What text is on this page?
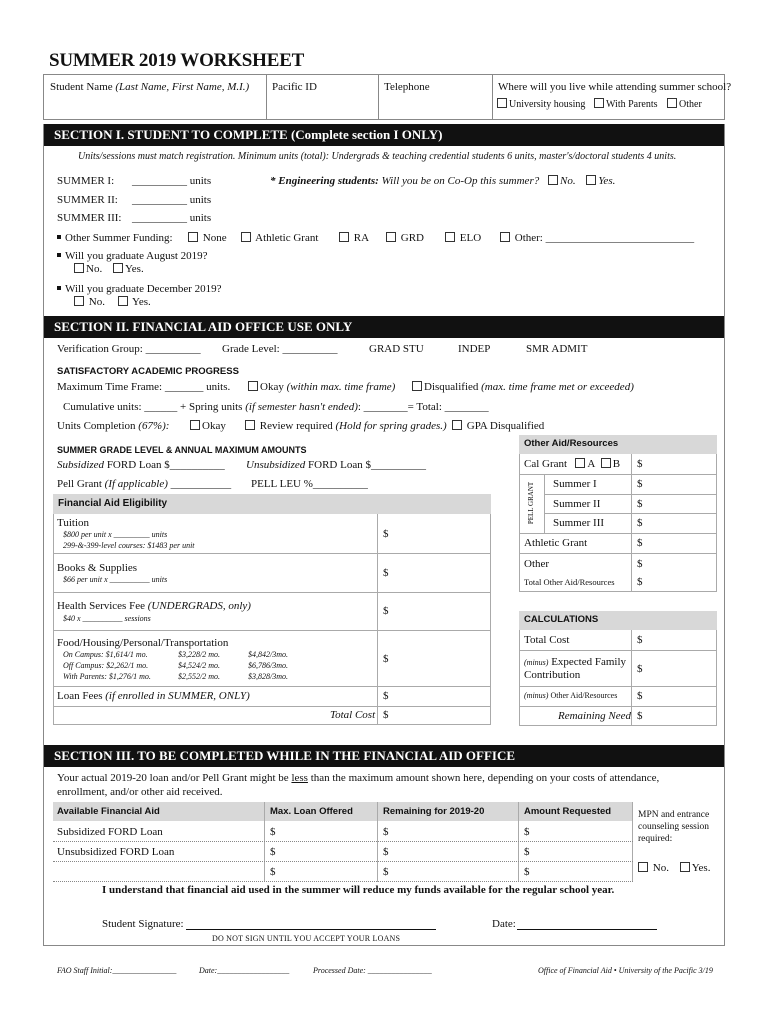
SUMMER 2019 WORKSHEET
Student Name (Last Name, First Name, M.I.) Pacific ID	Telephone	Where will you live while attending summer school?
University housing	With Parents	Other
SECTION I. STUDENT TO COMPLETE (Complete section I ONLY)
Units/sessions must match registration. Minimum units (total): Undergrads & teaching credential students 6 units, master's/doctoral students 4 units.
SUMMER I: __________ units
SUMMER II: __________ units
SUMMER III: __________ units
* Engineering students: Will you be on Co-Op this summer? No. Yes.
Other Summer Funding:	None	Athletic Grant	RA	GRD	ELO	Other: ___________________________
Will you graduate August 2019?
No. Yes.
Will you graduate December 2019?
No. Yes.
SECTION II. FINANCIAL AID OFFICE USE ONLY
Verification Group: __________ Grade Level: __________	GRAD STU	INDEP	SMR ADMIT
SATISFACTORY ACADEMIC PROGRESS
Maximum Time Frame: _______ units.	Okay (within max. time frame)	Disqualified (max. time frame met or exceeded)
Cumulative units: ______ + Spring units (if semester hasn't ended): ________= Total: ________
Units Completion (67%):	Okay	Review required (Hold for spring grades.)	GPA Disqualified
SUMMER GRADE LEVEL & ANNUAL MAXIMUM AMOUNTS
Subsidized FORD Loan $__________ Unsubsidized FORD Loan $__________
Pell Grant (If applicable) ___________ PELL LEU %__________
Financial Aid Eligibility
Tuition
$800 per unit x _________ units
299-&-399-level courses: $1483 per unit
$
Books & Supplies
$66 per unit x __________ units
$
Health Services Fee (UNDERGRADS, only)
$40 x __________ sessions
$
Food/Housing/Personal/Transportation
On Campus: $1,614/1 mo.	$3,228/2 mo.	$4,842/3mo.
Off Campus: $2,262/1 mo.	$4,524/2 mo.	$6,786/3mo.
With Parents: $1,276/1 mo.	$2,552/2 mo.	$3,828/3mo.
$
Loan Fees (if enrolled in SUMMER, ONLY)	$
Total Cost $
Other Aid/Resources
Cal Grant A B $
PELL GRANT Summer I	$
Summer II	$
Summer III	$
Athletic Grant	$
Other	$
Total Other Aid/Resources $
CALCULATIONS
Total Cost	$
(minus) Expected Family Contribution	$
(minus) Other Aid/Resources $
Remaining Need $
SECTION III. TO BE COMPLETED WHILE IN THE FINANCIAL AID OFFICE
Your actual 2019-20 loan and/or Pell Grant might be less than the maximum amount shown here, depending on your costs of attendance, enrollment, and/or other aid received.
Available Financial Aid	Max. Loan Offered	Remaining for 2019-20	Amount Requested
Subsidized FORD Loan	$	$	$
Unsubsidized FORD Loan	$	$	$
$	$	$
MPN and entrance counseling session required:
No. Yes.
I understand that financial aid used in the summer will reduce my funds available for the regular school year.
Student Signature:	Date:
DO NOT SIGN UNTIL YOU ACCEPT YOUR LOANS
FAO Staff Initial:________________	Date:__________________	Processed Date: ________________	Office of Financial Aid • University of the Pacific 3/19
